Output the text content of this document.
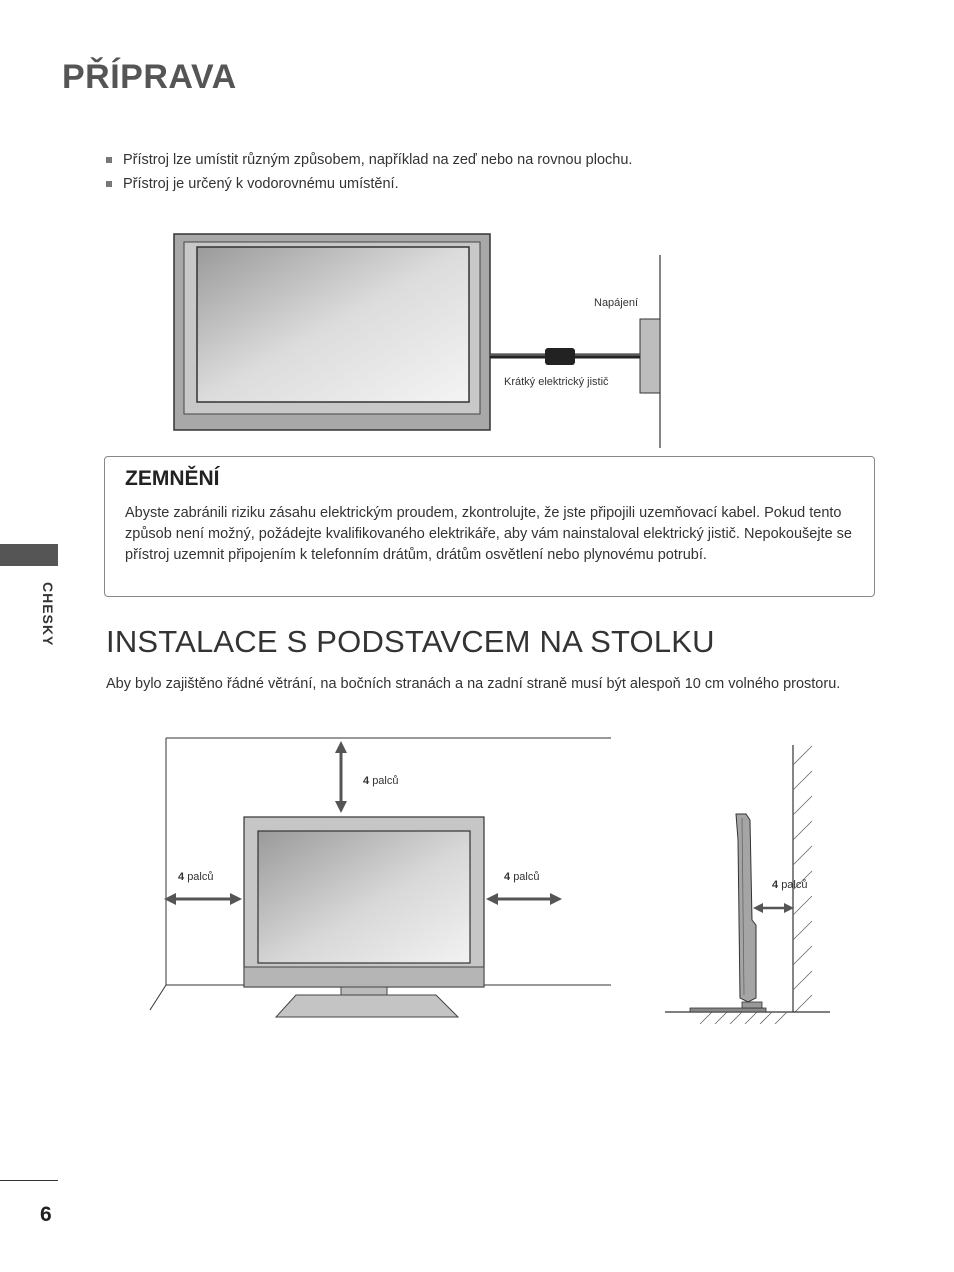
PŘÍPRAVA
Přístroj lze umístit různým způsobem, například na zeď nebo na rovnou plochu.
Přístroj je určený k vodorovnému umístění.
Napájení
Krátký elektrický jistič
ZEMNĚNÍ

Abyste zabránili riziku zásahu elektrickým proudem, zkontrolujte, že jste připojili uzemňovací kabel. Pokud tento způsob není možný, požádejte kvalifikovaného elektrikáře, aby vám nainstaloval elektrický jistič. Nepokoušejte se přístroj uzemnit připojením k telefonním drátům, drátům osvětlení nebo plynovému potrubí.

CHESKY INSTALACE S PODSTAVCEM NA STOLKU

Aby bylo zajištěno řádné větrání, na bočních stranách a na zadní straně musí být alespoň 10 cm volného prostoru.

4 palců
4 palců	4 palců
4 palců
6
